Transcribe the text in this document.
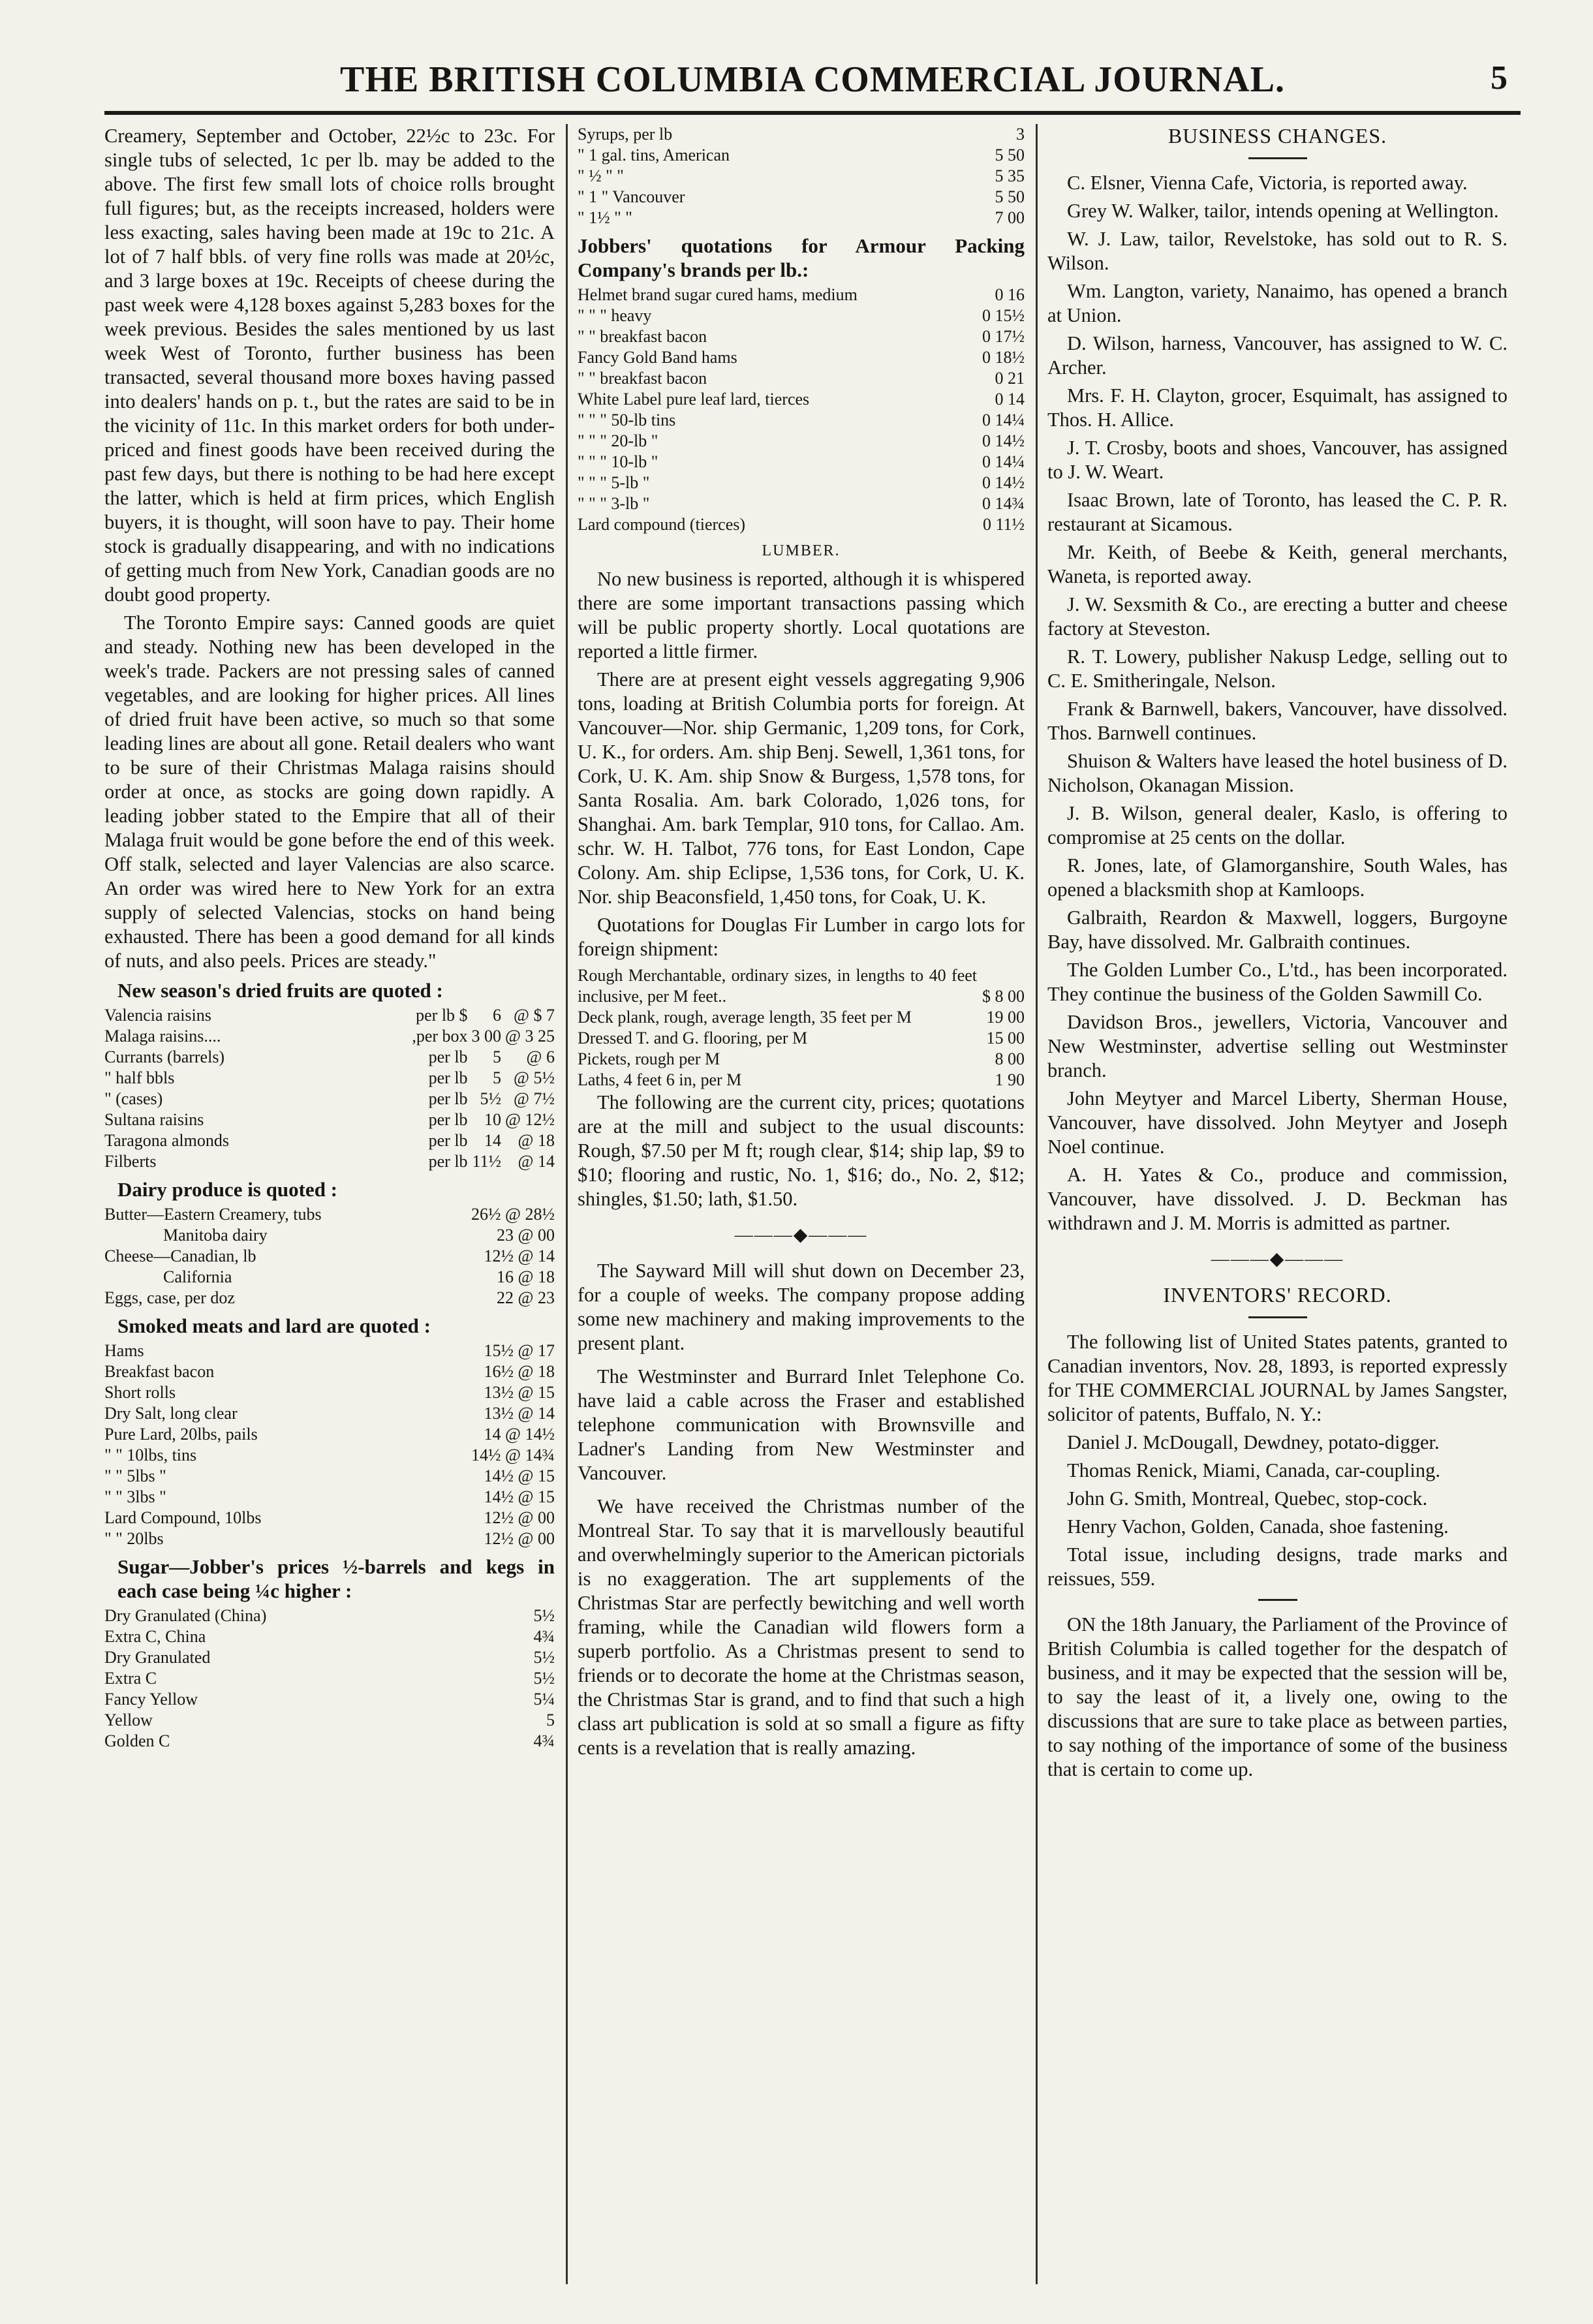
THE BRITISH COLUMBIA COMMERCIAL JOURNAL.	5

Creamery, September and October, 22½c to 23c. For single tubs of selected, 1c per lb. may be added to the above. The first few small lots of choice rolls brought full figures; but, as the receipts increased, holders were less exacting, sales having been made at 19c to 21c. A lot of 7 half bbls. of very fine rolls was made at 20½c, and 3 large boxes at 19c. Receipts of cheese during the past week were 4,128 boxes against 5,283 boxes for the week previous. Besides the sales mentioned by us last week West of Toronto, further business has been transacted, several thousand more boxes having passed into dealers' hands on p. t., but the rates are said to be in the vicinity of 11c. In this market orders for both under-priced and finest goods have been received during the past few days, but there is nothing to be had here except the latter, which is held at firm prices, which English buyers, it is thought, will soon have to pay. Their home stock is gradually disappearing, and with no indications of getting much from New York, Canadian goods are no doubt good property.

The Toronto Empire says: Canned goods are quiet and steady. Nothing new has been developed in the week's trade. Packers are not pressing sales of canned vegetables, and are looking for higher prices. All lines of dried fruit have been active, so much so that some leading lines are about all gone. Retail dealers who want to be sure of their Christmas Malaga raisins should order at once, as stocks are going down rapidly. A leading jobber stated to the Empire that all of their Malaga fruit would be gone before the end of this week. Off stalk, selected and layer Valencias are also scarce. An order was wired here to New York for an extra supply of selected Valencias, stocks on hand being exhausted. There has been a good demand for all kinds of nuts, and also peels. Prices are steady."

New season's dried fruits are quoted :
Valencia raisins	per lb $	6	@ $ 7
Malaga raisins....	,per box	3 00	@ 3 25
Currants (barrels)	per lb	5	@ 6
" half bbls	per lb	5	@ 5½
" (cases)	per lb	5½	@ 7½
Sultana raisins	per lb	10	@ 12½
Taragona almonds	per lb	14	@ 18
Filberts	per lb	11½	@ 14
Dairy produce is quoted :
Butter—Eastern Creamery, tubs	26½ @ 28½
Manitoba dairy	23 @ 00
Cheese—Canadian, lb	12½ @ 14
California	16 @ 18
Eggs, case, per doz	22 @ 23
Smoked meats and lard are quoted :
Hams	15½ @ 17
Breakfast bacon	16½ @ 18
Short rolls	13½ @ 15
Dry Salt, long clear	13½ @ 14
Pure Lard, 20lbs, pails	14 @ 14½
" " 10lbs, tins	14½ @ 14¾
" " 5lbs "	14½ @ 15
" " 3lbs "	14½ @ 15
Lard Compound, 10lbs	12½ @ 00
" " 20lbs	12½ @ 00
Sugar—Jobber's prices ½-barrels and kegs in each case being ¼c higher :
Dry Granulated (China)	5½
Extra C, China	4¾
Dry Granulated	5½
Extra C	5½
Fancy Yellow	5¼
Yellow	5
Golden C	4¾
Syrups, per lb	3
" 1 gal. tins, American	5 50
" ½ " "	5 35
" 1 " Vancouver	5 50
" 1½ " "	7 00
Jobbers' quotations for Armour Packing Company's brands per lb.:
Helmet brand sugar cured hams, medium	0 16
" " " heavy	0 15½
" " breakfast bacon	0 17½
Fancy Gold Band hams	0 18½
" " breakfast bacon	0 21
White Label pure leaf lard, tierces	0 14
" " " 50-lb tins	0 14¼
" " " 20-lb "	0 14½
" " " 10-lb "	0 14¼
" " " 5-lb "	0 14½
" " " 3-lb "	0 14¾
Lard compound (tierces)	0 11½
LUMBER.

No new business is reported, although it is whispered there are some important transactions passing which will be public property shortly. Local quotations are reported a little firmer.

There are at present eight vessels aggregating 9,906 tons, loading at British Columbia ports for foreign. At Vancouver—Nor. ship Germanic, 1,209 tons, for Cork, U. K., for orders. Am. ship Benj. Sewell, 1,361 tons, for Cork, U. K. Am. ship Snow & Burgess, 1,578 tons, for Santa Rosalia. Am. bark Colorado, 1,026 tons, for Shanghai. Am. bark Templar, 910 tons, for Callao. Am. schr. W. H. Talbot, 776 tons, for East London, Cape Colony. Am. ship Eclipse, 1,536 tons, for Cork, U. K. Nor. ship Beaconsfield, 1,450 tons, for Coak, U. K.

Quotations for Douglas Fir Lumber in cargo lots for foreign shipment:

Rough Merchantable, ordinary sizes, in lengths to 40 feet inclusive, per M feet..	$ 8 00
Deck plank, rough, average length, 35 feet per M	19 00
Dressed T. and G. flooring, per M	15 00
Pickets, rough per M	8 00
Laths, 4 feet 6 in, per M	1 90

The following are the current city, prices; quotations are at the mill and subject to the usual discounts: Rough, $7.50 per M ft; rough clear, $14; ship lap, $9 to $10; flooring and rustic, No. 1, $16; do., No. 2, $12; shingles, $1.50; lath, $1.50.

———◆———

The Sayward Mill will shut down on December 23, for a couple of weeks. The company propose adding some new machinery and making improvements to the present plant.

The Westminster and Burrard Inlet Telephone Co. have laid a cable across the Fraser and established telephone communication with Brownsville and Ladner's Landing from New Westminster and Vancouver.

We have received the Christmas number of the Montreal Star. To say that it is marvellously beautiful and overwhelmingly superior to the American pictorials is no exaggeration. The art supplements of the Christmas Star are perfectly bewitching and well worth framing, while the Canadian wild flowers form a superb portfolio. As a Christmas present to send to friends or to decorate the home at the Christmas season, the Christmas Star is grand, and to find that such a high class art publication is sold at so small a figure as fifty cents is a revelation that is really amazing.

BUSINESS CHANGES.

C. Elsner, Vienna Cafe, Victoria, is reported away.

Grey W. Walker, tailor, intends opening at Wellington.

W. J. Law, tailor, Revelstoke, has sold out to R. S. Wilson.

Wm. Langton, variety, Nanaimo, has opened a branch at Union.

D. Wilson, harness, Vancouver, has assigned to W. C. Archer.

Mrs. F. H. Clayton, grocer, Esquimalt, has assigned to Thos. H. Allice.

J. T. Crosby, boots and shoes, Vancouver, has assigned to J. W. Weart.

Isaac Brown, late of Toronto, has leased the C. P. R. restaurant at Sicamous.

Mr. Keith, of Beebe & Keith, general merchants, Waneta, is reported away.

J. W. Sexsmith & Co., are erecting a butter and cheese factory at Steveston.

R. T. Lowery, publisher Nakusp Ledge, selling out to C. E. Smitheringale, Nelson.

Frank & Barnwell, bakers, Vancouver, have dissolved. Thos. Barnwell continues.

Shuison & Walters have leased the hotel business of D. Nicholson, Okanagan Mission.

J. B. Wilson, general dealer, Kaslo, is offering to compromise at 25 cents on the dollar.

R. Jones, late, of Glamorganshire, South Wales, has opened a blacksmith shop at Kamloops.

Galbraith, Reardon & Maxwell, loggers, Burgoyne Bay, have dissolved. Mr. Galbraith continues.

The Golden Lumber Co., L'td., has been incorporated. They continue the business of the Golden Sawmill Co.

Davidson Bros., jewellers, Victoria, Vancouver and New Westminster, advertise selling out Westminster branch.

John Meytyer and Marcel Liberty, Sherman House, Vancouver, have dissolved. John Meytyer and Joseph Noel continue.

A. H. Yates & Co., produce and commission, Vancouver, have dissolved. J. D. Beckman has withdrawn and J. M. Morris is admitted as partner.

———◆———
INVENTORS' RECORD.

The following list of United States patents, granted to Canadian inventors, Nov. 28, 1893, is reported expressly for THE COMMERCIAL JOURNAL by James Sangster, solicitor of patents, Buffalo, N. Y.:

Daniel J. McDougall, Dewdney, potato-digger.

Thomas Renick, Miami, Canada, car-coupling.

John G. Smith, Montreal, Quebec, stop-cock.

Henry Vachon, Golden, Canada, shoe fastening.

Total issue, including designs, trade marks and reissues, 559.

ON the 18th January, the Parliament of the Province of British Columbia is called together for the despatch of business, and it may be expected that the session will be, to say the least of it, a lively one, owing to the discussions that are sure to take place as between parties, to say nothing of the importance of some of the business that is certain to come up.
